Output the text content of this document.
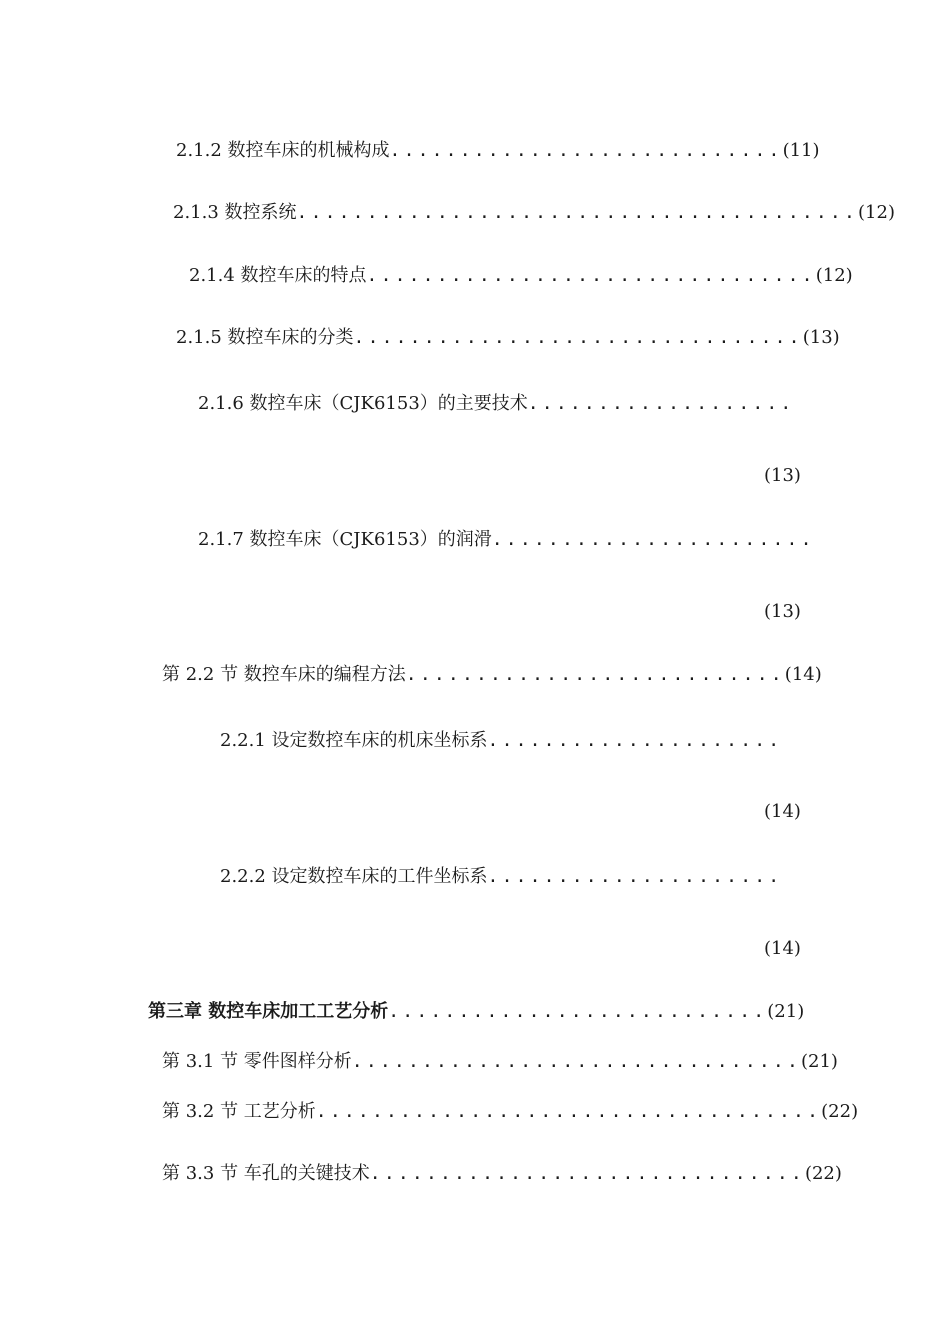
2.1.2 数控车床的机械构成 ............................ (11)
2.1.3 数控系统 ........................................ (12)
2.1.4 数控车床的特点 ................................ (12)
2.1.5 数控车床的分类 ................................ (13)
2.1.6 数控车床（CJK6153）的主要技术 ...................
(13)
2.1.7 数控车床（CJK6153）的润滑 .......................
(13)
第 2.2 节 数控车床的编程方法 ........................... (14)
2.2.1 设定数控车床的机床坐标系 .....................
(14)
2.2.2 设定数控车床的工件坐标系 .....................
(14)
第三章 数控车床加工工艺分析 ........................... (21)
第 3.1 节 零件图样分析 ................................ (21)
第 3.2 节 工艺分析 .................................... (22)
第 3.3 节 车孔的关键技术 ............................... (22)
